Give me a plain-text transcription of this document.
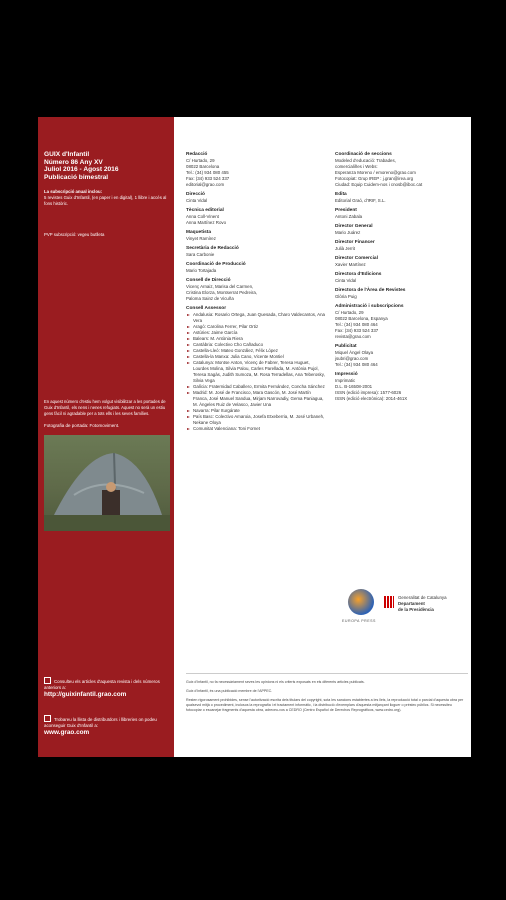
GUIX d'Infantil
Número 86 Any XV
Juliol 2016 - Agost 2016
Publicació bimestral
La subscripció anual inclou:
5 revistes Guix d'Infantil, (en paper i en digital), 1 llibre i accés al fons històric.
PVP subscripció: vegeu butlleta
En aquest número d'estiu hem volgut visibilitzar a les portades de Guix d'Infantil, els nens i nenes refugiats. Aquest no serà un estiu gens fàcil ni agradable per a tots ells i les seves famílies.
Fotografia de portada: Fotomoviment.
Consulteu els articles d'aquesta revista i dels números anteriors a:
http://guixinfantil.grao.com
Trobareu la llista de distribuïdors i llibreries on podeu aconseguir Guix d'Infantil a:
www.grao.com
Redacció
C/ Hurtado, 29
08022 Barcelona
Tel.: (34) 934 080 455
Fax: (34) 933 524 337
editorial@grao.com
Direcció
Cinta Vidal
Tècnica editorial
Anna Coll-Vinent
Anna Martínez Rovo
Maquetista
Vinyet Ramírez
Secretària de Redacció
Sara Carbonie
Coordinació de Producció
Mario Tortajada
Consell de Direcció
Vicenç Arnaiz, Marisa del Carmen,
Cristina Elorza, Montserrat Pedreira,
Paloma Sainz de Vicuña
Consell Assessor
Andalusia: Rosario Ortega, Juan Quesada, Charo Valdecantos, Ana Vera
Aragó: Carolina Ferrer, Pilar Ortiz
Astúries: Jaime García
Balears: M. Antònia Riera
Cantàbria: Colectivo Cho Cañaduco
Castella-Lleó: Mateo González, Félix López
Castella-la Manxa: Julia Cano, Vicente Montiel
Catalunya: Montse Anton, Vicenç de Fabrer, Teresa Huguet, Lourdes Molina, Silvia Palou, Carles Parellada, M. Antònia Pujol, Teresa Sagàs, Judith Sumoza, M. Rosa Terradellas, Ana Teberosky, Silvia Vega
Galícia: Fraternidad Caballero, Ermita Fernández, Concha Sánchez
Madrid: M. José de Francisco, Mara Gascón, M. José Martín Franca, José Manuel Sandua, Mirjam Narrovadiy, Gema Paniagua, M. Àngeles Ruiz de Velasco, Javier Una
Navarra: Pilar Iturgárate
País Basc: Colectivo Amaroia, Josefa Etxeberria, M. José Urbaneh, Nekane Oloya
Comunitat Valenciana: Toni Fornet
Coordinació de seccions
Modeled d'educació: Trabades,
comercialiñes i Webs:
Esperanza Moreno / emoreno@grao.com
Fotocopiat: Grup IREP : j.gran@irea.org
Ciudad: Equip Cuidem-nos i cnosb@iboc.cat
Edita
Editorial Graó, d'IRIF, S.L.
President
Antoni Zabala
Director General
Mario Juárez
Director Financer
Julià Jerrit
Director Comercial
Xavier Martínez
Directora d'Edicions
Cinta Vidal
Directora de l'Àrea de Revistes
Glòria Puig
Administració i subscripcions
C/ Hurtado, 29
08022 Barcelona, Espanya
Tel.: (34) 934 080 464
Fax: (34) 933 524 337
revista@grao.com
Publicitat
Miquel Àngel Olaya
jsubri@grao.com
Tel.: (34) 934 080 464
Impressió
Imprimatic
D.L. B-16508-2001
ISSN (edició impresa): 1577-6026
ISSN (edició electrònica): 2014-461X
EUROPA PRESS
Generalitat de Catalunya
Departament
de la Presidència

Guix d'Infantil, no fa necessàriament seves les opinions ni els criteris exposats en els diferents articles publicats.

Guix d'Infantil, és una publicació membre de l'APPEC.

Resten rigorosament prohibides, sense l'autorització escrita dels titulars del copyright, sota les sancions establertes a les lleis, la reproducció total o parcial d'aquesta obra per qualsevol mitjà o procediment, inclosos la reprografia i el tractament informàtic, i la distribució d'exemplars d'aquesta mitjançant lloguer o préstec públics. Si necessiteu fotocopiar o escanejar fragments d'aquesta obra, adreceu-vos a CEDRO (Centro Español de Derechos Reprográficos, www.cedro.org).
